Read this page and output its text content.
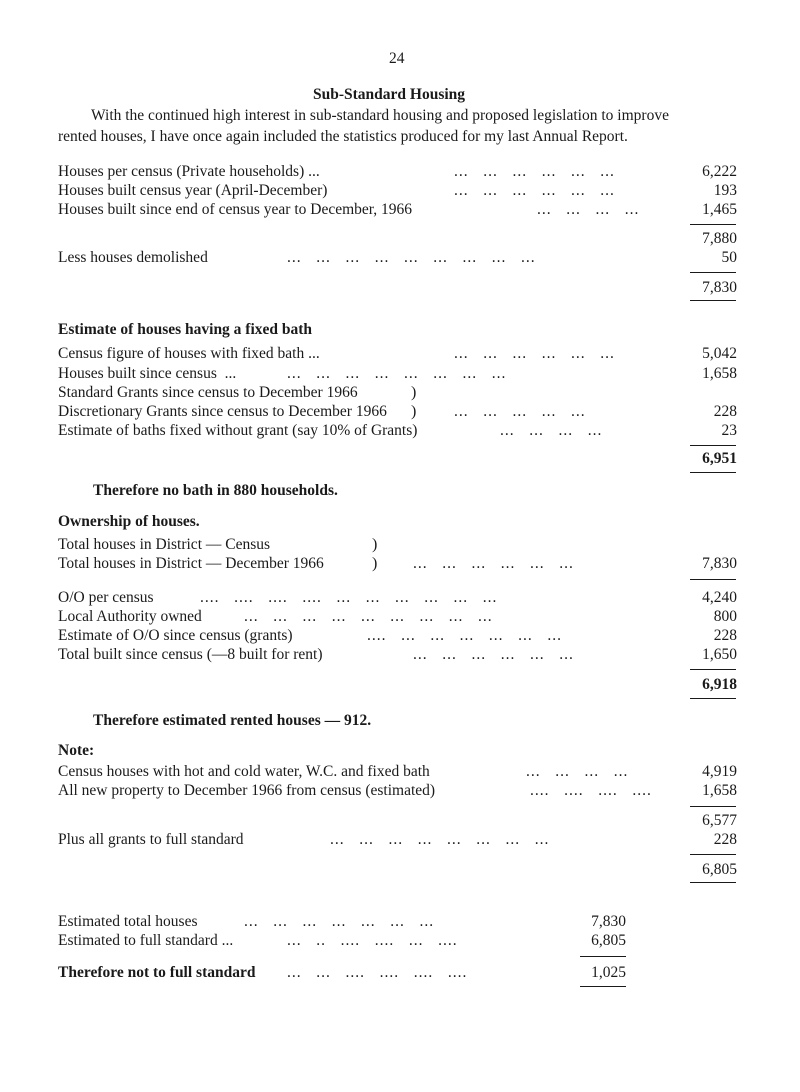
24
Sub-Standard Housing
With the continued high interest in sub-standard housing and proposed legislation to improve
rented houses, I have once again included the statistics produced for my last Annual Report.
Houses per census (Private households) ...	...   ...   ...   ...   ...   ...	6,222
Houses built census year (April-December)	...   ...   ...   ...   ...   ...	193
Houses built since end of census year to December, 1966	...   ...   ...   ...	1,465
7,880
Less houses demolished	...   ...   ...   ...   ...   ...   ...   ...   ...	50
7,830
Estimate of houses having a fixed bath
Census figure of houses with fixed bath ...	...   ...   ...   ...   ...   ...	5,042
Houses built since census  ...	...   ...   ...   ...   ...   ...   ...   ...	1,658
Standard Grants since census to December 1966	)
Discretionary Grants since census to December 1966 ) ...   ...   ...   ...   ...	228
Estimate of baths fixed without grant (say 10% of Grants)	...   ...   ...   ...	23
6,951
Therefore no bath in 880 households.
Ownership of houses.
Total houses in District — Census	)
Total houses in District — December 1966	) ...   ...   ...   ...   ...   ...	7,830
O/O per census	....   ....   ....   ....   ...   ...   ...   ...   ...   ...	4,240
Local Authority owned	...   ...   ...   ...   ...   ...   ...   ...   ...	800
Estimate of O/O since census (grants)	....   ...   ...   ...   ...   ...   ...	228
Total built since census (—8 built for rent)	...   ...   ...   ...   ...   ...	1,650
6,918
Therefore estimated rented houses — 912.
Note:
Census houses with hot and cold water, W.C. and fixed bath	...   ...   ...   ...	4,919
All new property to December 1966 from census (estimated)	....   ....   ....   ....	1,658
6,577
Plus all grants to full standard	...   ...   ...   ...   ...   ...   ...   ...	228
6,805
Estimated total houses	...   ...   ...   ...   ...   ...   ...	7,830
Estimated to full standard ...	...   ..   ....   ....   ...   ....	6,805
Therefore not to full standard ...   ...   ....   ....   ....   ....	1,025
